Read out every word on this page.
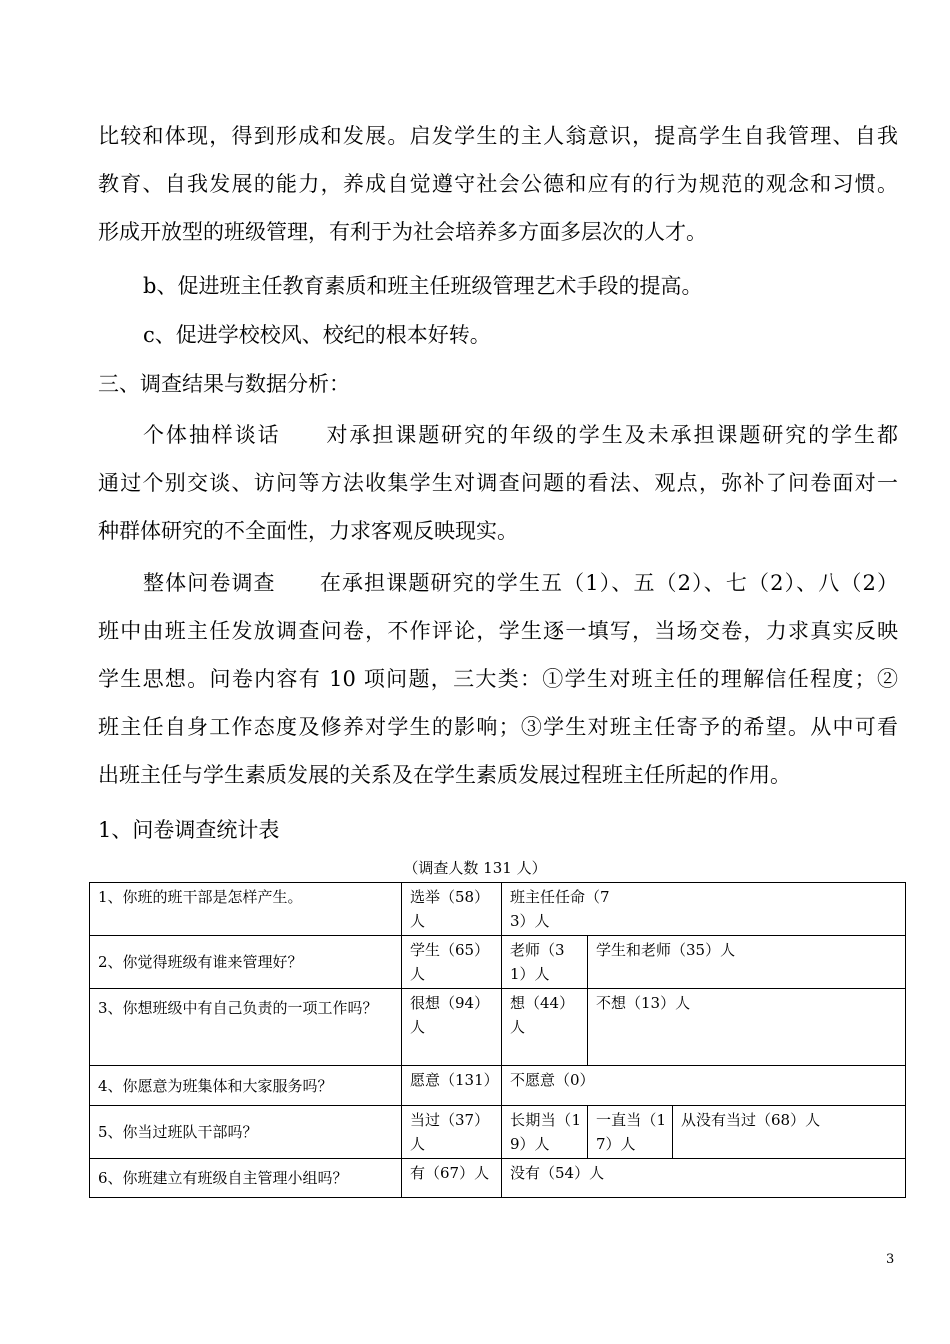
比较和体现，得到形成和发展。启发学生的主人翁意识，提高学生自我管理、自我
教育、自我发展的能力，养成自觉遵守社会公德和应有的行为规范的观念和习惯。
形成开放型的班级管理，有利于为社会培养多方面多层次的人才。
b、促进班主任教育素质和班主任班级管理艺术手段的提高。
c、促进学校校风、校纪的根本好转。
三、调查结果与数据分析：
个体抽样谈话　　对承担课题研究的年级的学生及未承担课题研究的学生都
通过个别交谈、访问等方法收集学生对调查问题的看法、观点，弥补了问卷面对一
种群体研究的不全面性，力求客观反映现实。
整体问卷调查　　在承担课题研究的学生五（1）、五（2）、七（2）、八（2）
班中由班主任发放调查问卷，不作评论，学生逐一填写，当场交卷，力求真实反映
学生思想。问卷内容有 10 项问题，三大类：①学生对班主任的理解信任程度；②
班主任自身工作态度及修养对学生的影响；③学生对班主任寄予的希望。从中可看
出班主任与学生素质发展的关系及在学生素质发展过程班主任所起的作用。
1、问卷调查统计表
（调查人数 131 人）
1、你班的班干部是怎样产生。	选举（58）人	班主任任命（73）人		

2、你觉得班级有谁来管理好？	学生（65）人	老师（31）人	学生和老师（35）人	
3、你想班级中有自己负责的一项工作吗？	很想（94）人	想（44）人	不想（13）人	
4、你愿意为班集体和大家服务吗？	愿意（131）	不愿意（0）		
5、你当过班队干部吗？	当过（37）人	长期当（19）人	一直当（17）人	从没有当过（68）人
6、你班建立有班级自主管理小组吗？	有（67）人	没有（54）人		
3
